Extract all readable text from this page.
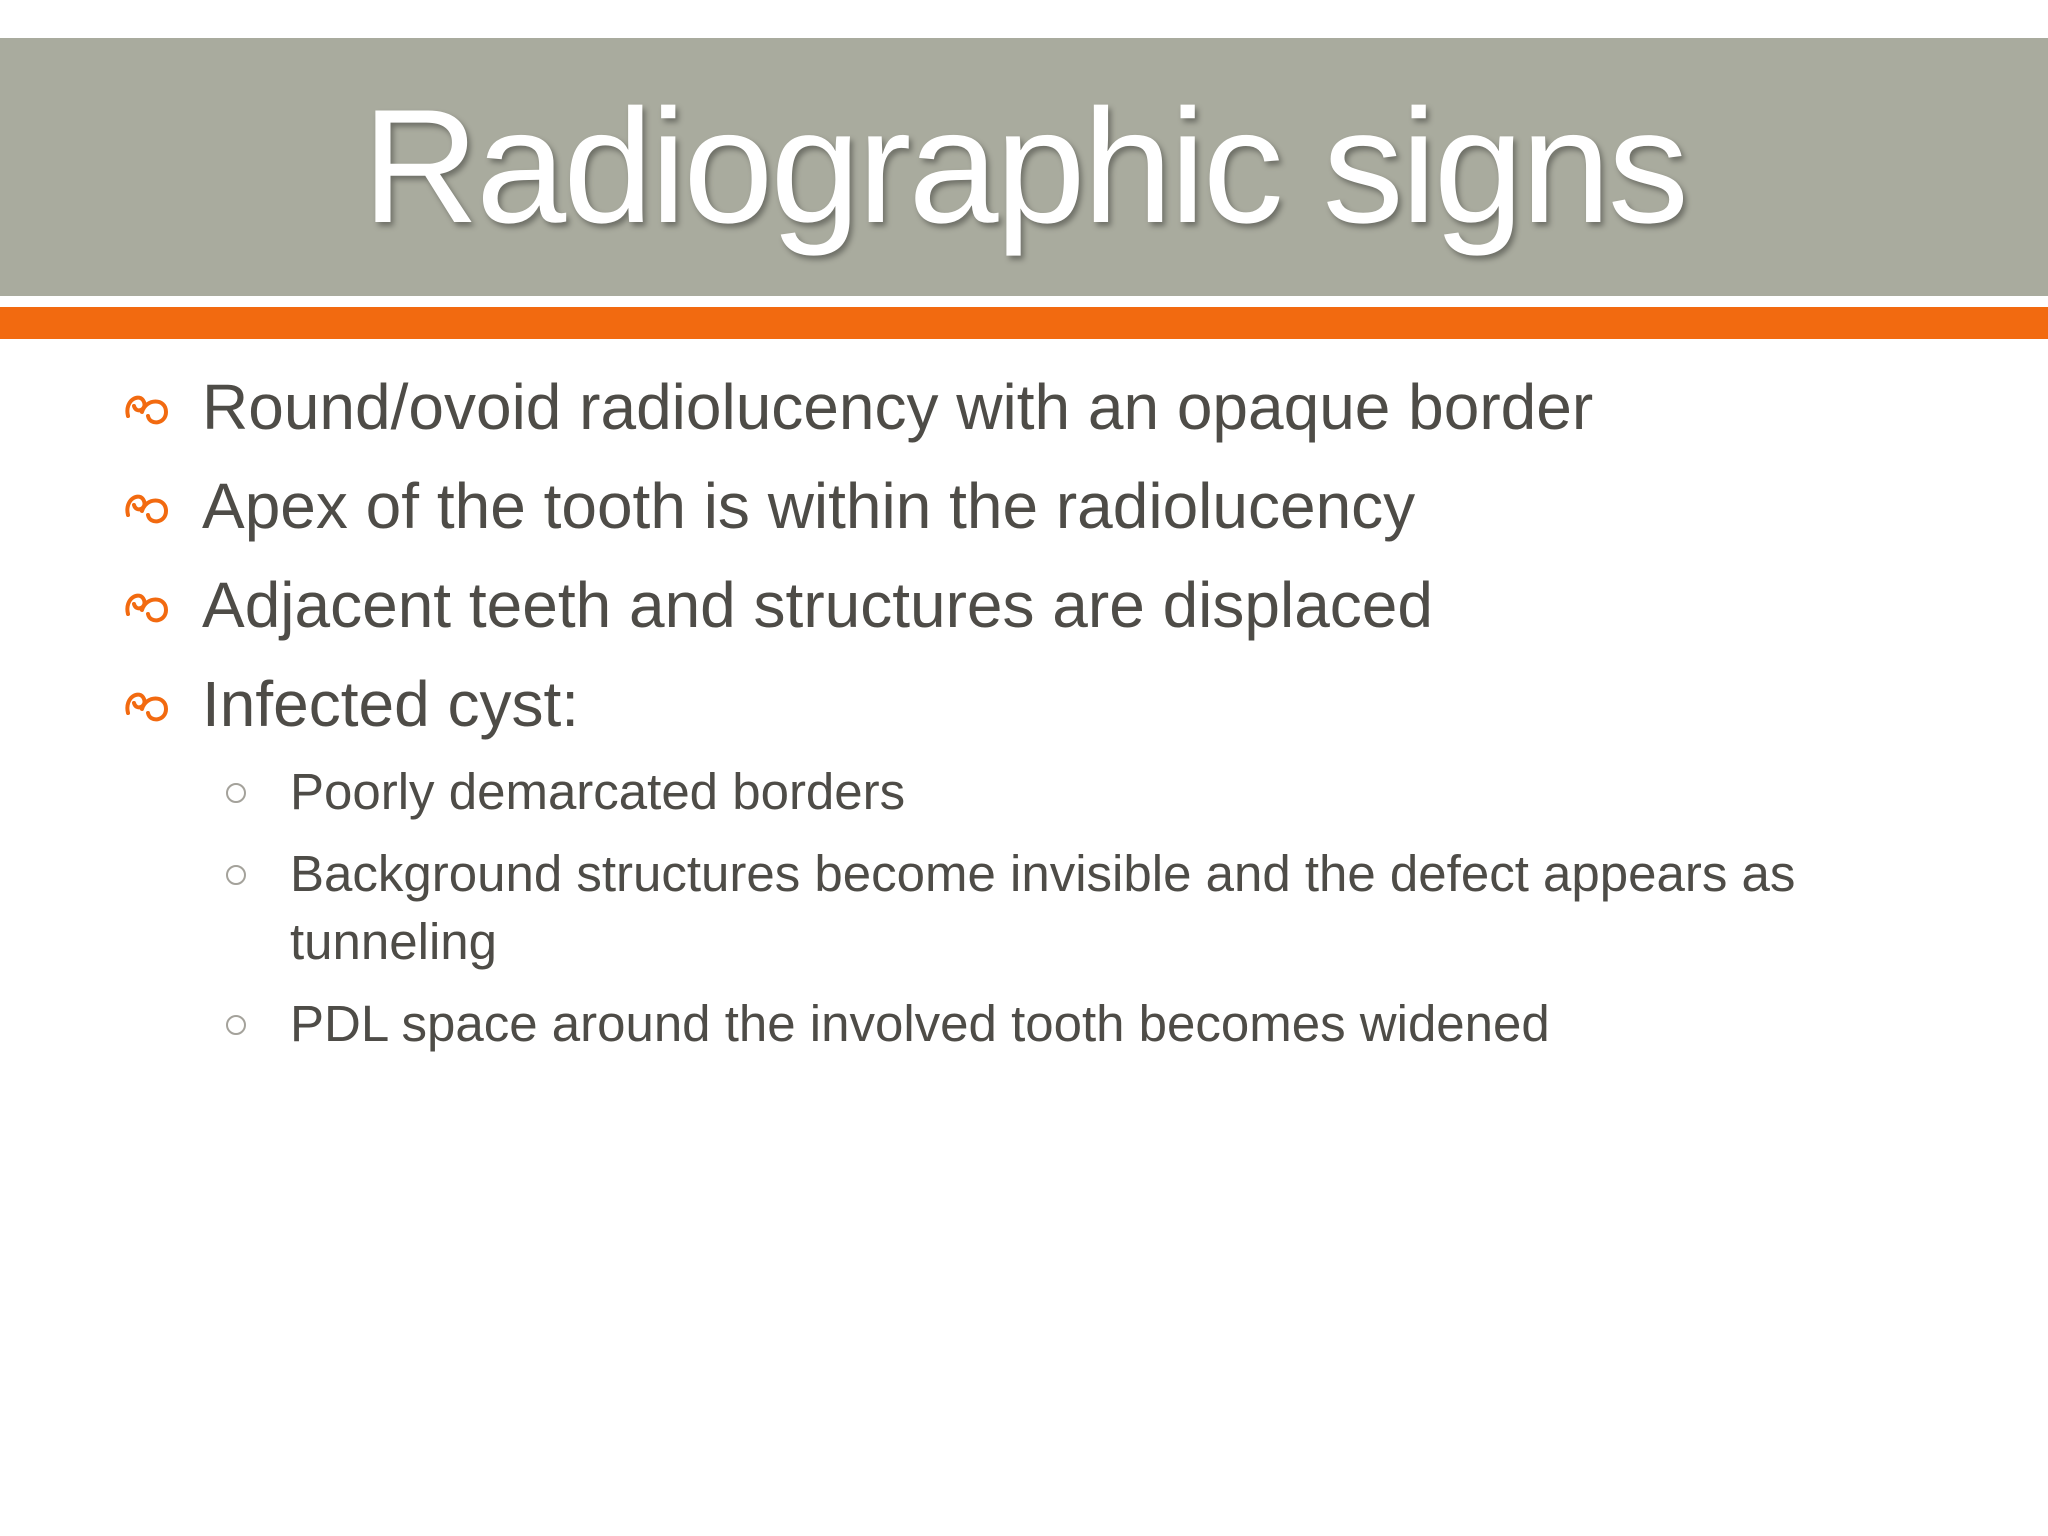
Radiographic signs
Round/ovoid radiolucency with an opaque border
Apex of the tooth is within the radiolucency
Adjacent teeth and structures are displaced
Infected cyst:
Poorly demarcated borders
Background structures become invisible and the defect appears as tunneling
PDL space around the involved tooth becomes widened
